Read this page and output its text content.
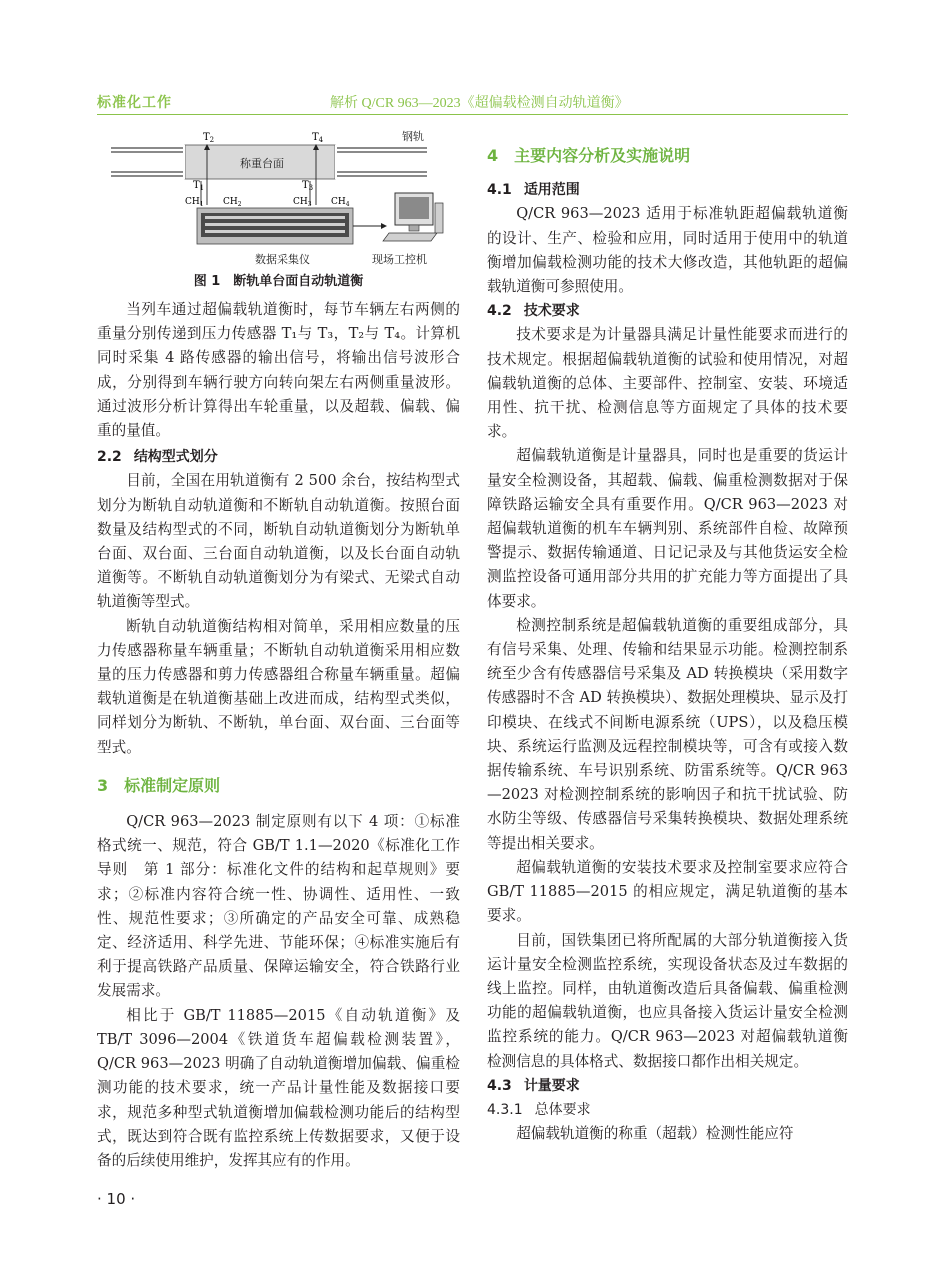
标准化工作	解析 Q/CR 963—2023《超偏载检测自动轨道衡》
称重台面
钢轨
$T_2$	$T_4$
$T_1$	$T_3$
$CH_1$ $CH_2$	$CH_3$ $CH_4$
数据采集仪	现场工控机
图 1　断轨单台面自动轨道衡

当列车通过超偏载轨道衡时，每节车辆左右两侧的重量分别传递到压力传感器 T₁与 T₃，T₂与 T₄。计算机同时采集 4 路传感器的输出信号，将输出信号波形合成，分别得到车辆行驶方向转向架左右两侧重量波形。通过波形分析计算得出车轮重量，以及超载、偏载、偏重的量值。

2.2 结构型式划分

目前，全国在用轨道衡有 2 500 余台，按结构型式划分为断轨自动轨道衡和不断轨自动轨道衡。按照台面数量及结构型式的不同，断轨自动轨道衡划分为断轨单台面、双台面、三台面自动轨道衡，以及长台面自动轨道衡等。不断轨自动轨道衡划分为有梁式、无梁式自动轨道衡等型式。

断轨自动轨道衡结构相对简单，采用相应数量的压力传感器称量车辆重量；不断轨自动轨道衡采用相应数量的压力传感器和剪力传感器组合称量车辆重量。超偏载轨道衡是在轨道衡基础上改进而成，结构型式类似，同样划分为断轨、不断轨，单台面、双台面、三台面等型式。

3 标准制定原则

Q/CR 963—2023 制定原则有以下 4 项：①标准格式统一、规范，符合 GB/T 1.1—2020《标准化工作导则　第 1 部分：标准化文件的结构和起草规则》要求；②标准内容符合统一性、协调性、适用性、一致性、规范性要求；③所确定的产品安全可靠、成熟稳定、经济适用、科学先进、节能环保；④标准实施后有利于提高铁路产品质量、保障运输安全，符合铁路行业发展需求。

相比于 GB/T 11885—2015《自动轨道衡》及 TB/T 3096—2004《铁道货车超偏载检测装置》，Q/CR 963—2023 明确了自动轨道衡增加偏载、偏重检测功能的技术要求，统一产品计量性能及数据接口要求，规范多种型式轨道衡增加偏载检测功能后的结构型式，既达到符合既有监控系统上传数据要求，又便于设备的后续使用维护，发挥其应有的作用。

4 主要内容分析及实施说明
4.1 适用范围

Q/CR 963—2023 适用于标准轨距超偏载轨道衡的设计、生产、检验和应用，同时适用于使用中的轨道衡增加偏载检测功能的技术大修改造，其他轨距的超偏载轨道衡可参照使用。

4.2 技术要求

技术要求是为计量器具满足计量性能要求而进行的技术规定。根据超偏载轨道衡的试验和使用情况，对超偏载轨道衡的总体、主要部件、控制室、安装、环境适用性、抗干扰、检测信息等方面规定了具体的技术要求。

超偏载轨道衡是计量器具，同时也是重要的货运计量安全检测设备，其超载、偏载、偏重检测数据对于保障铁路运输安全具有重要作用。Q/CR 963—2023 对超偏载轨道衡的机车车辆判别、系统部件自检、故障预警提示、数据传输通道、日记记录及与其他货运安全检测监控设备可通用部分共用的扩充能力等方面提出了具体要求。

检测控制系统是超偏载轨道衡的重要组成部分，具有信号采集、处理、传输和结果显示功能。检测控制系统至少含有传感器信号采集及 AD 转换模块（采用数字传感器时不含 AD 转换模块）、数据处理模块、显示及打印模块、在线式不间断电源系统（UPS），以及稳压模块、系统运行监测及远程控制模块等，可含有或接入数据传输系统、车号识别系统、防雷系统等。Q/CR 963—2023 对检测控制系统的影响因子和抗干扰试验、防水防尘等级、传感器信号采集转换模块、数据处理系统等提出相关要求。

超偏载轨道衡的安装技术要求及控制室要求应符合 GB/T 11885—2015 的相应规定，满足轨道衡的基本要求。

目前，国铁集团已将所配属的大部分轨道衡接入货运计量安全检测监控系统，实现设备状态及过车数据的线上监控。同样，由轨道衡改造后具备偏载、偏重检测功能的超偏载轨道衡，也应具备接入货运计量安全检测监控系统的能力。Q/CR 963—2023 对超偏载轨道衡检测信息的具体格式、数据接口都作出相关规定。

4.3 计量要求
4.3.1 总体要求

超偏载轨道衡的称重（超载）检测性能应符

· 10 ·
